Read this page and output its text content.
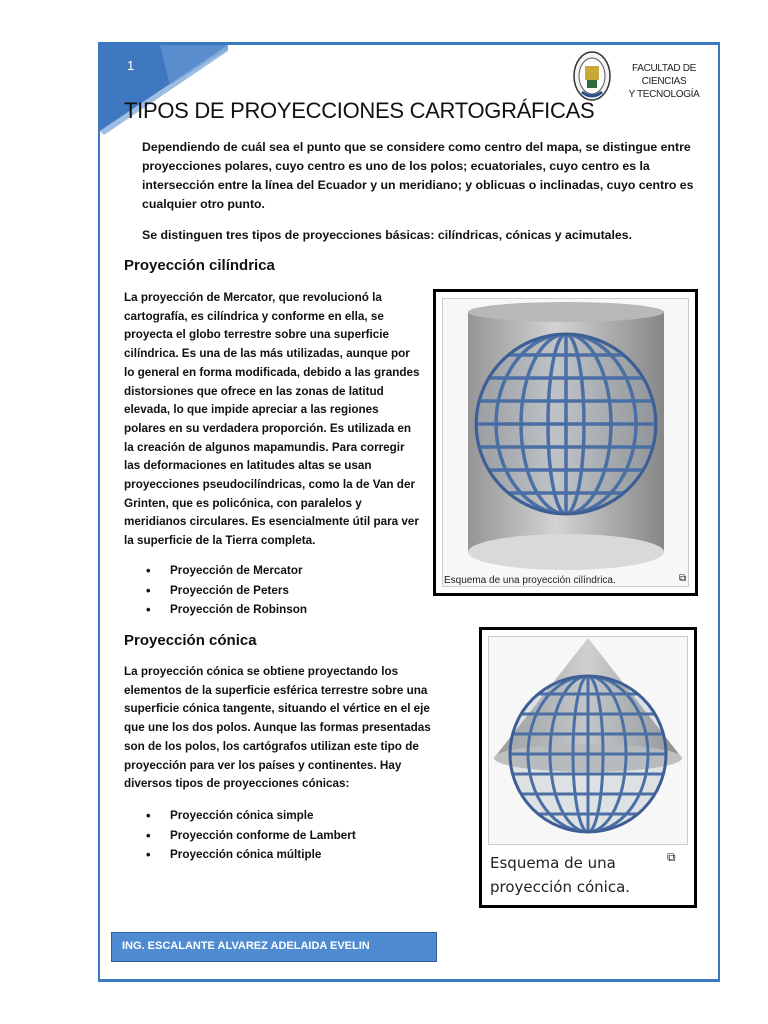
1	FACULTAD DE CIENCIAS
Y TECNOLOGÍA
TIPOS DE PROYECCIONES CARTOGRÁFICAS

Dependiendo de cuál sea el punto que se considere como centro del mapa, se distingue entre proyecciones polares, cuyo centro es uno de los polos; ecuatoriales, cuyo centro es la intersección entre la línea del Ecuador y un meridiano; y oblicuas o inclinadas, cuyo centro es cualquier otro punto.

Se distinguen tres tipos de proyecciones básicas: cilíndricas, cónicas y acimutales.

Proyección cilíndrica

La proyección de Mercator, que revolucionó la cartografía, es cilíndrica y conforme en ella, se proyecta el globo terrestre sobre una superficie cilíndrica. Es una de las más utilizadas, aunque por lo general en forma modificada, debido a las grandes distorsiones que ofrece en las zonas de latitud elevada, lo que impide apreciar a las regiones polares en su verdadera proporción. Es utilizada en la creación de algunos mapamundis. Para corregir las deformaciones en latitudes altas se usan proyecciones pseudocilíndricas, como la de Van der Grinten, que es policónica, con paralelos y meridianos circulares. Es esencialmente útil para ver la superficie de la Tierra completa.

• Proyección de Mercator
• Proyección de Peters
• Proyección de Robinson
Esquema de una proyección cilíndrica.	⧉
Proyección cónica

La proyección cónica se obtiene proyectando los elementos de la superficie esférica terrestre sobre una superficie cónica tangente, situando el vértice en el eje que une los dos polos. Aunque las formas presentadas son de los polos, los cartógrafos utilizan este tipo de proyección para ver los países y continentes. Hay diversos tipos de proyecciones cónicas:

• Proyección cónica simple
• Proyección conforme de Lambert
• Proyección cónica múltiple	Esquema de una
proyección cónica.
⧉
ING. ESCALANTE ALVAREZ ADELAIDA EVELIN
